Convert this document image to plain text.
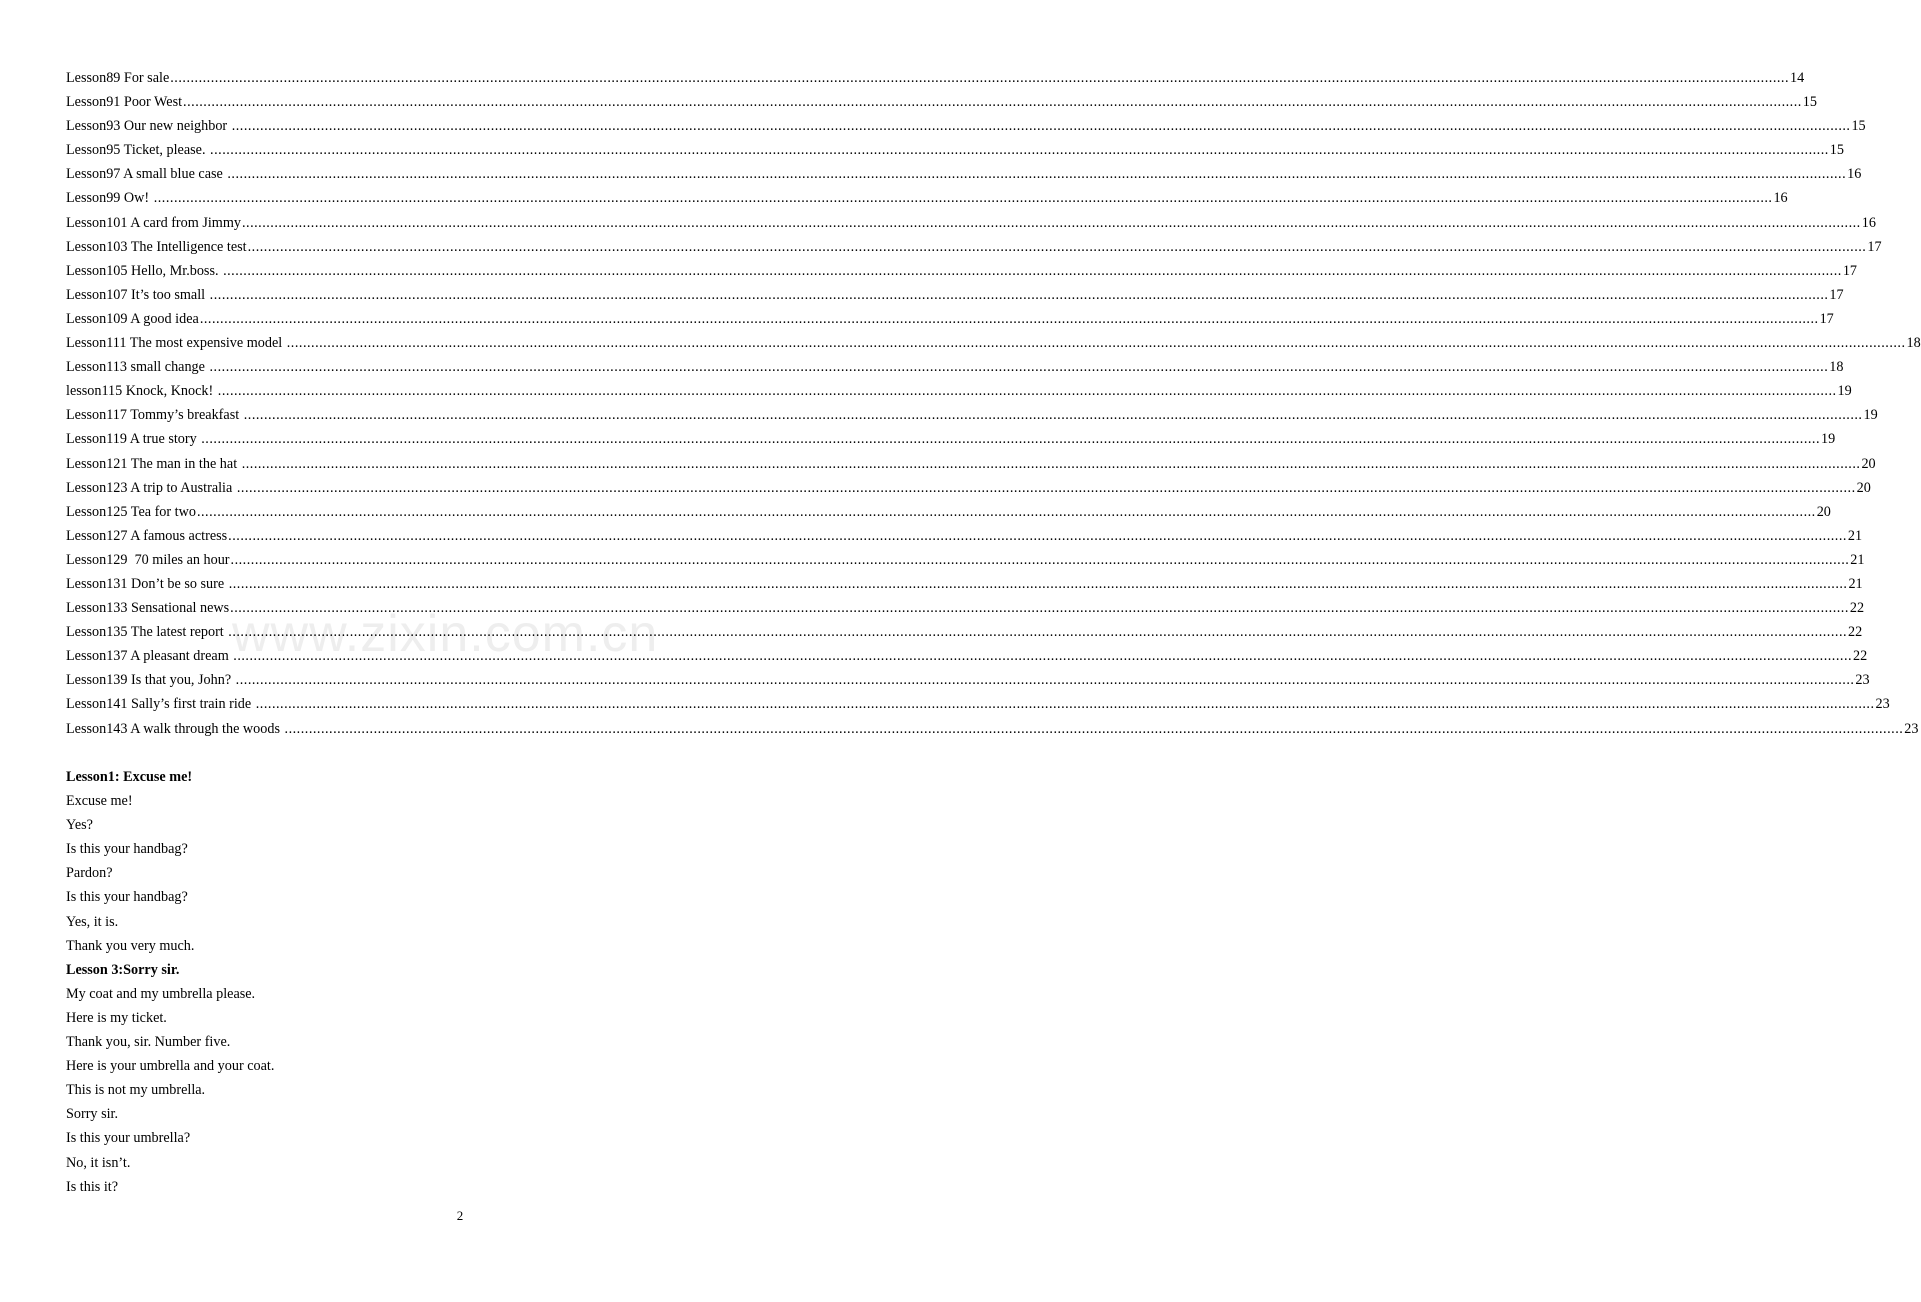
www.zixin.com.cn
Lesson89 For sale ................................................................................................................................................................................................................................................................................................................................................................................................................ 14
Lesson91 Poor West ................................................................................................................................................................................................................................................................................................................................................................................................................ 15
Lesson93 Our new neighbor ................................................................................................................................................................................................................................................................................................................................................................................................................ 15
Lesson95 Ticket, please. ................................................................................................................................................................................................................................................................................................................................................................................................................ 15
Lesson97 A small blue case ................................................................................................................................................................................................................................................................................................................................................................................................................ 16
Lesson99 Ow! ................................................................................................................................................................................................................................................................................................................................................................................................................ 16
Lesson101 A card from Jimmy ................................................................................................................................................................................................................................................................................................................................................................................................................ 16
Lesson103 The Intelligence test ................................................................................................................................................................................................................................................................................................................................................................................................................ 17
Lesson105 Hello, Mr.boss. ................................................................................................................................................................................................................................................................................................................................................................................................................ 17
Lesson107 It’s too small ................................................................................................................................................................................................................................................................................................................................................................................................................ 17
Lesson109 A good idea ................................................................................................................................................................................................................................................................................................................................................................................................................ 17
Lesson111 The most expensive model ................................................................................................................................................................................................................................................................................................................................................................................................................ 18
Lesson113 small change ................................................................................................................................................................................................................................................................................................................................................................................................................ 18
lesson115 Knock, Knock! ................................................................................................................................................................................................................................................................................................................................................................................................................ 19
Lesson117 Tommy’s breakfast ................................................................................................................................................................................................................................................................................................................................................................................................................ 19
Lesson119 A true story ................................................................................................................................................................................................................................................................................................................................................................................................................ 19
Lesson121 The man in the hat ................................................................................................................................................................................................................................................................................................................................................................................................................ 20
Lesson123 A trip to Australia ................................................................................................................................................................................................................................................................................................................................................................................................................ 20
Lesson125 Tea for two ................................................................................................................................................................................................................................................................................................................................................................................................................ 20
Lesson127 A famous actress ................................................................................................................................................................................................................................................................................................................................................................................................................ 21
Lesson129  70 miles an hour ................................................................................................................................................................................................................................................................................................................................................................................................................ 21
Lesson131 Don’t be so sure ................................................................................................................................................................................................................................................................................................................................................................................................................ 21
Lesson133 Sensational news ................................................................................................................................................................................................................................................................................................................................................................................................................ 22
Lesson135 The latest report ................................................................................................................................................................................................................................................................................................................................................................................................................ 22
Lesson137 A pleasant dream ................................................................................................................................................................................................................................................................................................................................................................................................................ 22
Lesson139 Is that you, John? ................................................................................................................................................................................................................................................................................................................................................................................................................ 23
Lesson141 Sally’s first train ride ................................................................................................................................................................................................................................................................................................................................................................................................................ 23
Lesson143 A walk through the woods ................................................................................................................................................................................................................................................................................................................................................................................................................ 23
Lesson1: Excuse me!
Excuse me!
Yes?
Is this your handbag?
Pardon?
Is this your handbag?
Yes, it is.
Thank you very much.
Lesson 3:Sorry sir.
My coat and my umbrella please.
Here is my ticket.
Thank you, sir. Number five.
Here is your umbrella and your coat.
This is not my umbrella.
Sorry sir.
Is this your umbrella?
No, it isn’t.
Is this it?
2
